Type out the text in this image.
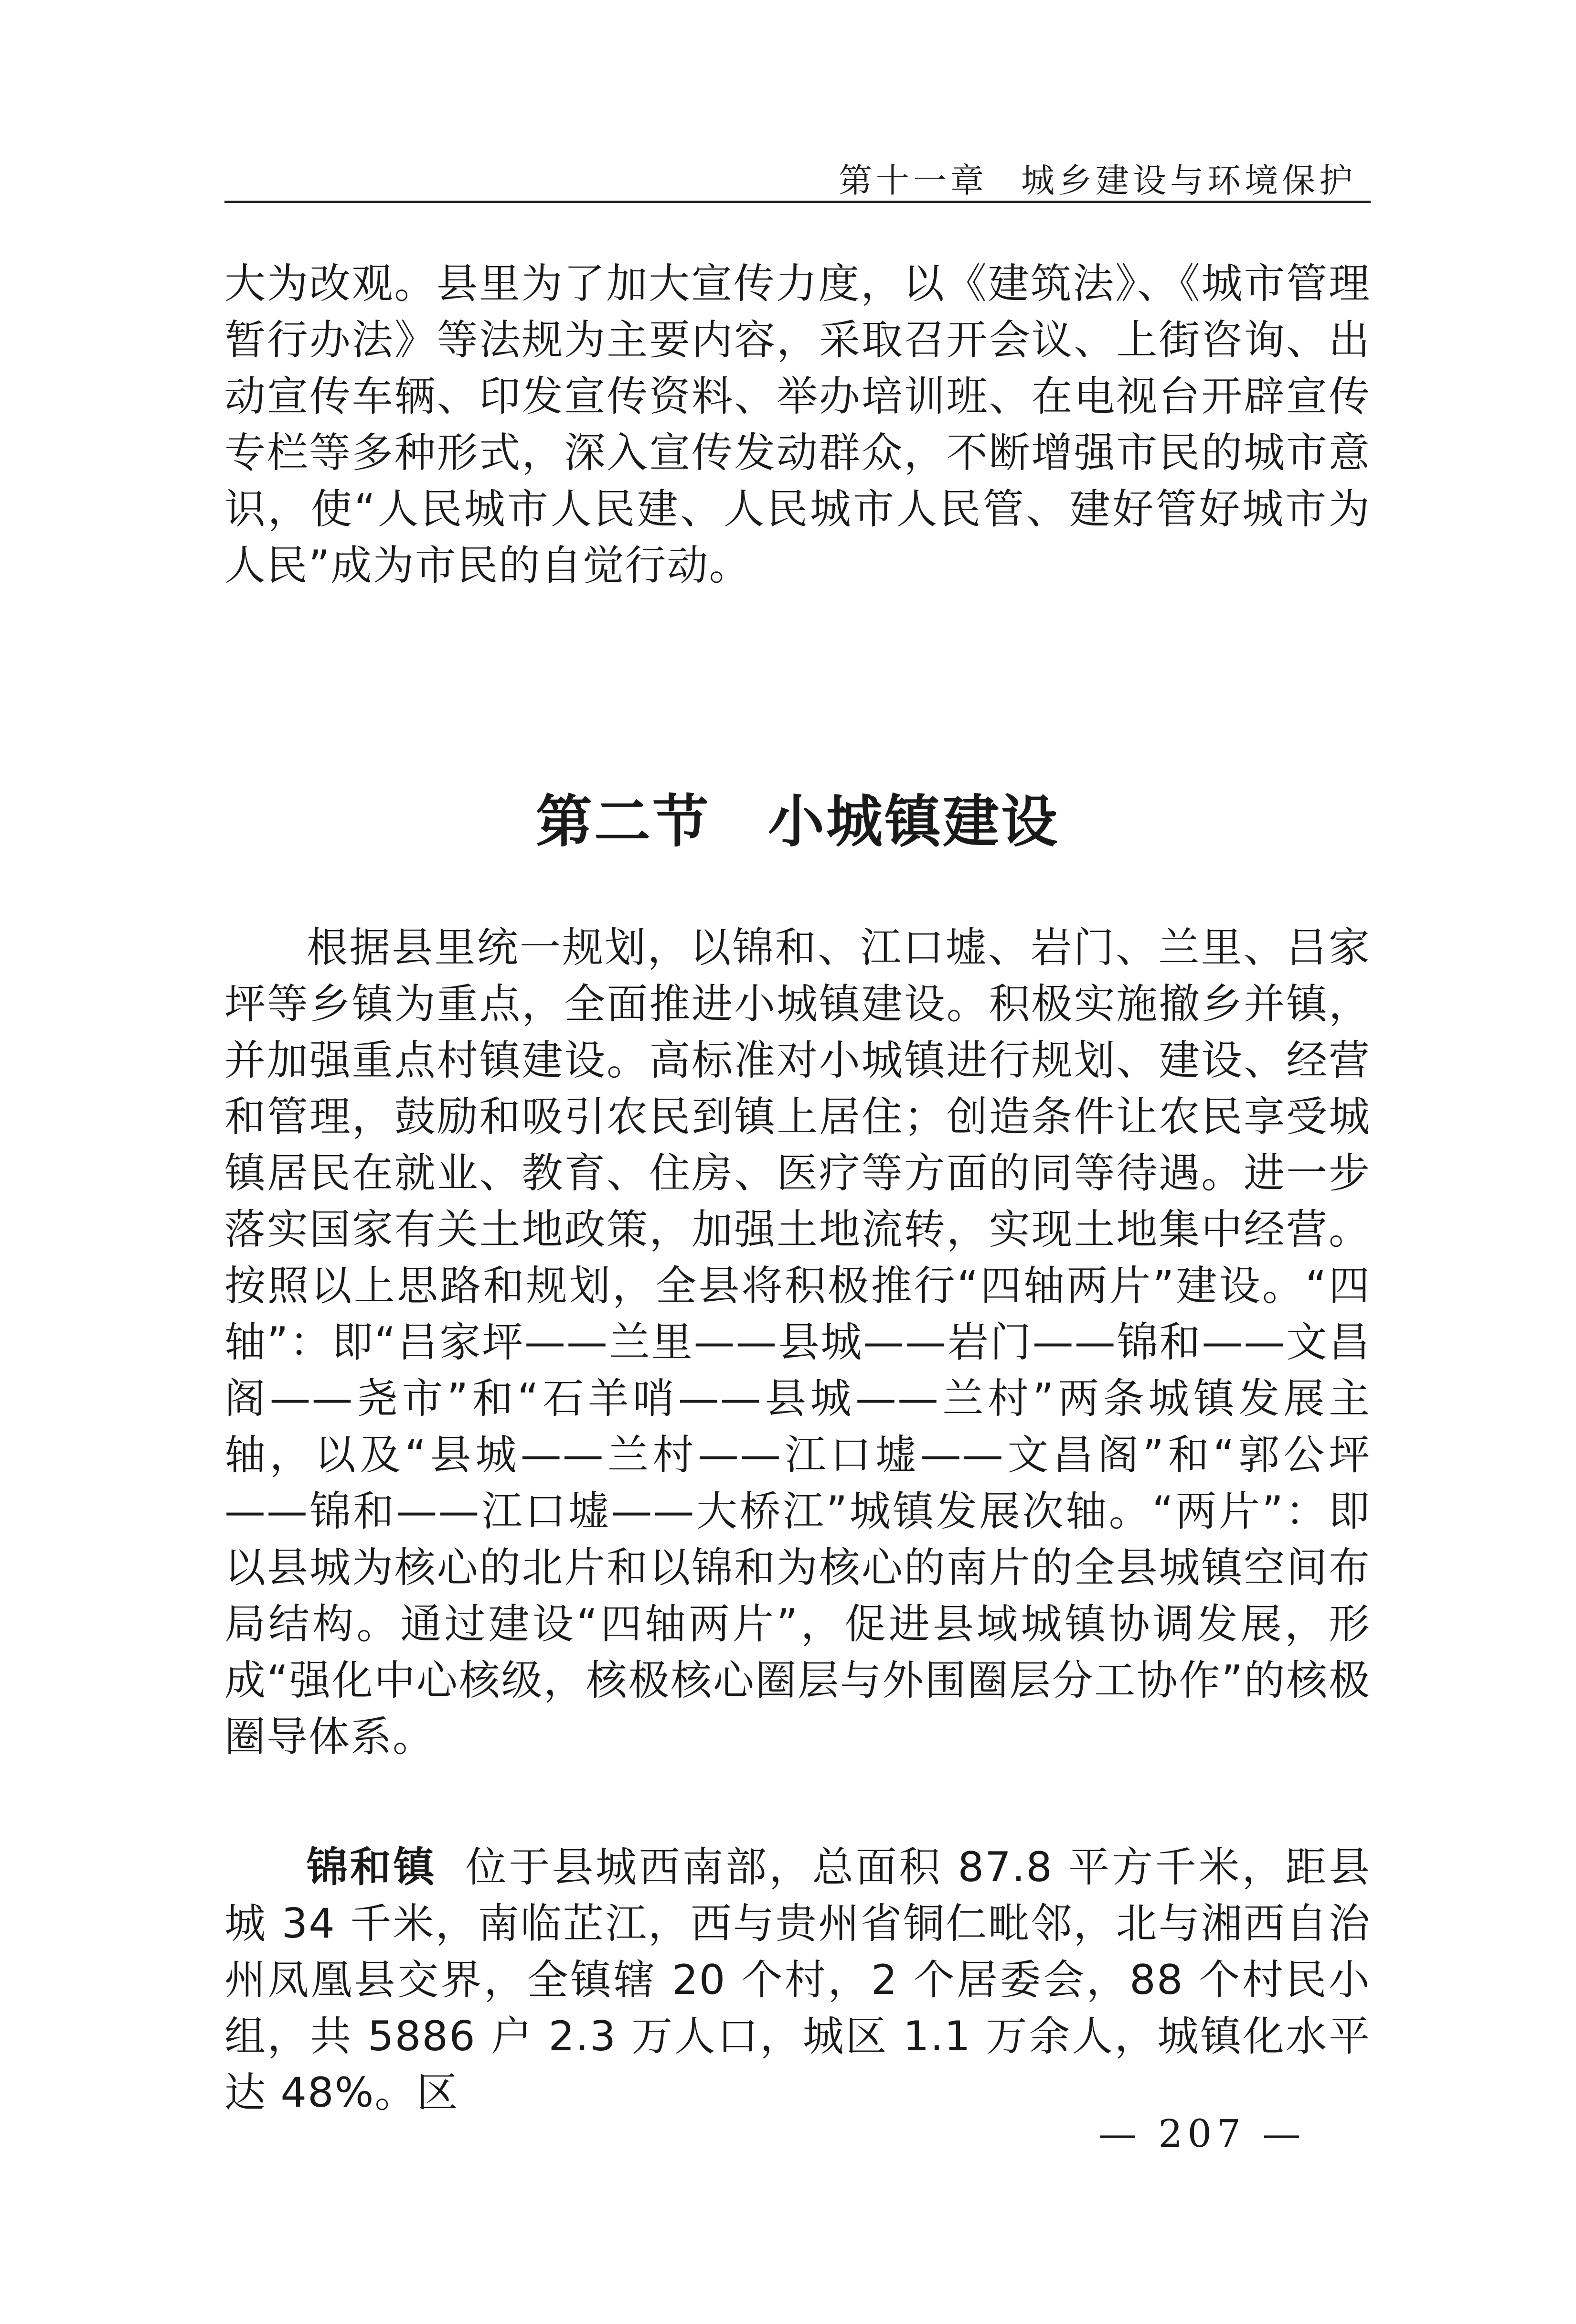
第十一章 城乡建设与环境保护

大为改观。县里为了加大宣传力度，以《建筑法》、《城市管理暂行办法》等法规为主要内容，采取召开会议、上街咨询、出动宣传车辆、印发宣传资料、举办培训班、在电视台开辟宣传专栏等多种形式，深入宣传发动群众，不断增强市民的城市意识，使“人民城市人民建、人民城市人民管、建好管好城市为人民”成为市民的自觉行动。

第二节 小城镇建设

根据县里统一规划，以锦和、江口墟、岩门、兰里、吕家坪等乡镇为重点，全面推进小城镇建设。积极实施撤乡并镇，并加强重点村镇建设。高标准对小城镇进行规划、建设、经营和管理，鼓励和吸引农民到镇上居住；创造条件让农民享受城镇居民在就业、教育、住房、医疗等方面的同等待遇。进一步落实国家有关土地政策，加强土地流转，实现土地集中经营。按照以上思路和规划，全县将积极推行“四轴两片”建设。“四轴”：即“吕家坪——兰里——县城——岩门——锦和——文昌阁——尧市”和“石羊哨——县城——兰村”两条城镇发展主轴，以及“县城——兰村——江口墟——文昌阁”和“郭公坪——锦和——江口墟——大桥江”城镇发展次轴。“两片”：即以县城为核心的北片和以锦和为核心的南片的全县城镇空间布局结构。通过建设“四轴两片”，促进县域城镇协调发展，形成“强化中心核级，核极核心圈层与外围圈层分工协作”的核极圈导体系。

锦和镇 位于县城西南部，总面积 87.8 平方千米，距县城 34 千米，南临芷江，西与贵州省铜仁毗邻，北与湘西自治州凤凰县交界，全镇辖 20 个村，2 个居委会，88 个村民小组，共 5886 户 2.3 万人口，城区 1.1 万余人，城镇化水平达 48%。区

— 207 —
